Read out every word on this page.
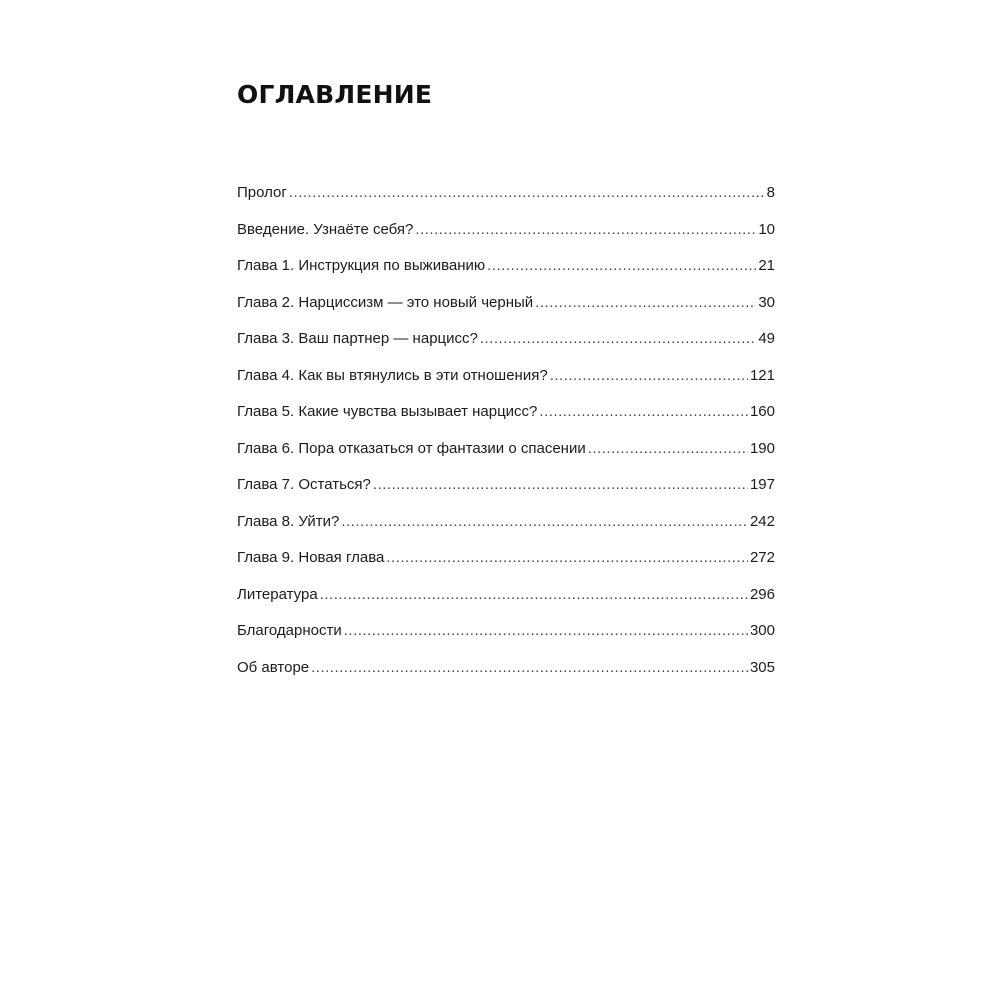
ОГЛАВЛЕНИЕ
Пролог .....	8
Введение. Узнаёте себя? .....	10
Глава 1. Инструкция по выживанию .....	21
Глава 2. Нарциссизм — это новый черный .....	30
Глава 3. Ваш партнер — нарцисс? .....	49
Глава 4. Как вы втянулись в эти отношения? .....	121
Глава 5. Какие чувства вызывает нарцисс? .....	160
Глава 6. Пора отказаться от фантазии о спасении .....	190
Глава 7. Остаться? .....	197
Глава 8. Уйти? .....	242
Глава 9. Новая глава .....	272
Литература .....	296
Благодарности .....	300
Об авторе .....	305
